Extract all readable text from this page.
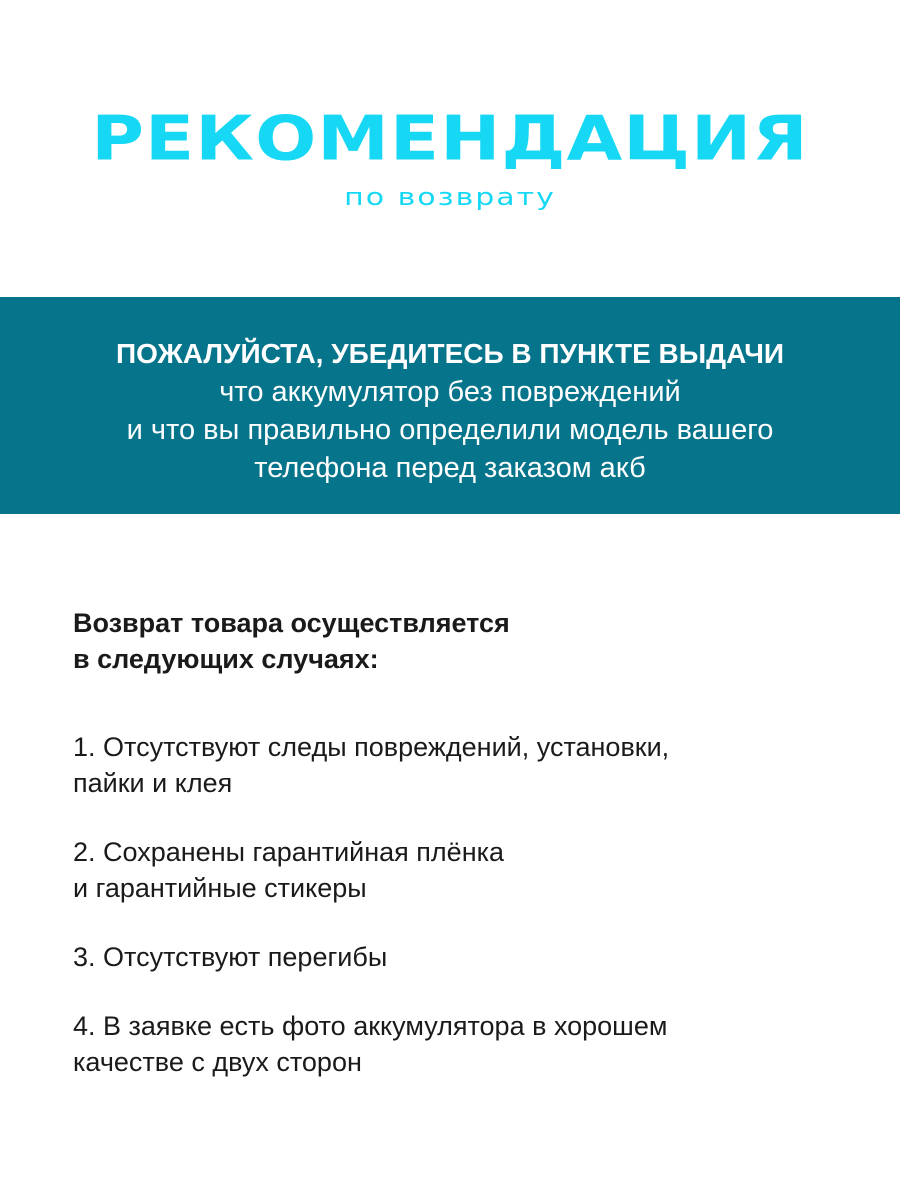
РЕКОМЕНДАЦИЯ
по возврату
ПОЖАЛУЙСТА, УБЕДИТЕСЬ В ПУНКТЕ ВЫДАЧИ
что аккумулятор без повреждений
и что вы правильно определили модель вашего
телефона перед заказом акб
Возврат товара осуществляется
в следующих случаях:
1. Отсутствуют следы повреждений, установки,
пайки и клея
2. Сохранены гарантийная плёнка
и гарантийные стикеры
3. Отсутствуют перегибы
4. В заявке есть фото аккумулятора в хорошем
качестве с двух сторон
